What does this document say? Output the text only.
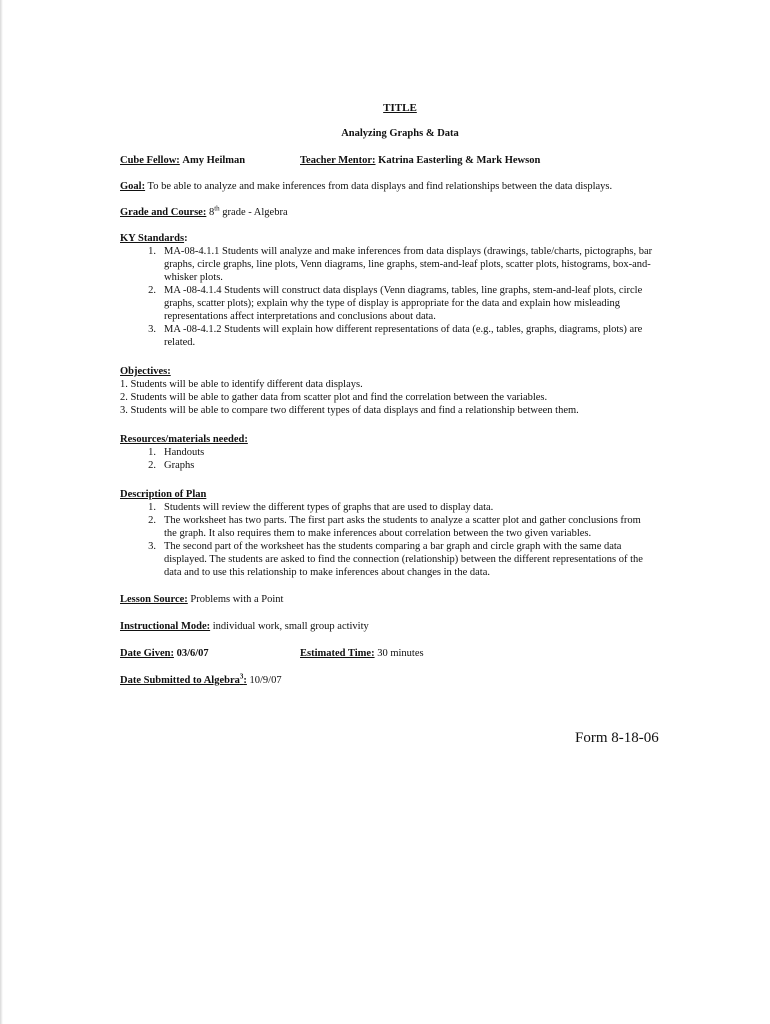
TITLE
Analyzing Graphs & Data
Cube Fellow: Amy Heilman	Teacher Mentor: Katrina Easterling & Mark Hewson
Goal: To be able to analyze and make inferences from data displays and find relationships between the data displays.
Grade and Course: 8th grade - Algebra
KY Standards:
1. MA-08-4.1.1 Students will analyze and make inferences from data displays (drawings, table/charts, pictographs, bar graphs, circle graphs, line plots, Venn diagrams, line graphs, stem-and-leaf plots, scatter plots, histograms, box-and-whisker plots.
2. MA -08-4.1.4 Students will construct data displays (Venn diagrams, tables, line graphs, stem-and-leaf plots, circle graphs, scatter plots); explain why the type of display is appropriate for the data and explain how misleading representations affect interpretations and conclusions about data.
3. MA -08-4.1.2 Students will explain how different representations of data (e.g., tables, graphs, diagrams, plots) are related.
Objectives:
1. Students will be able to identify different data displays.
2. Students will be able to gather data from scatter plot and find the correlation between the variables.
3. Students will be able to compare two different types of data displays and find a relationship between them.
Resources/materials needed:
1. Handouts
2. Graphs
Description of Plan
1. Students will review the different types of graphs that are used to display data.
2. The worksheet has two parts. The first part asks the students to analyze a scatter plot and gather conclusions from the graph. It also requires them to make inferences about correlation between the two given variables.
3. The second part of the worksheet has the students comparing a bar graph and circle graph with the same data displayed. The students are asked to find the connection (relationship) between the different representations of the data and to use this relationship to make inferences about changes in the data.
Lesson Source: Problems with a Point
Instructional Mode: individual work, small group activity
Date Given: 03/6/07	Estimated Time: 30 minutes
Date Submitted to Algebra$^3$: 10/9/07
Form 8-18-06
